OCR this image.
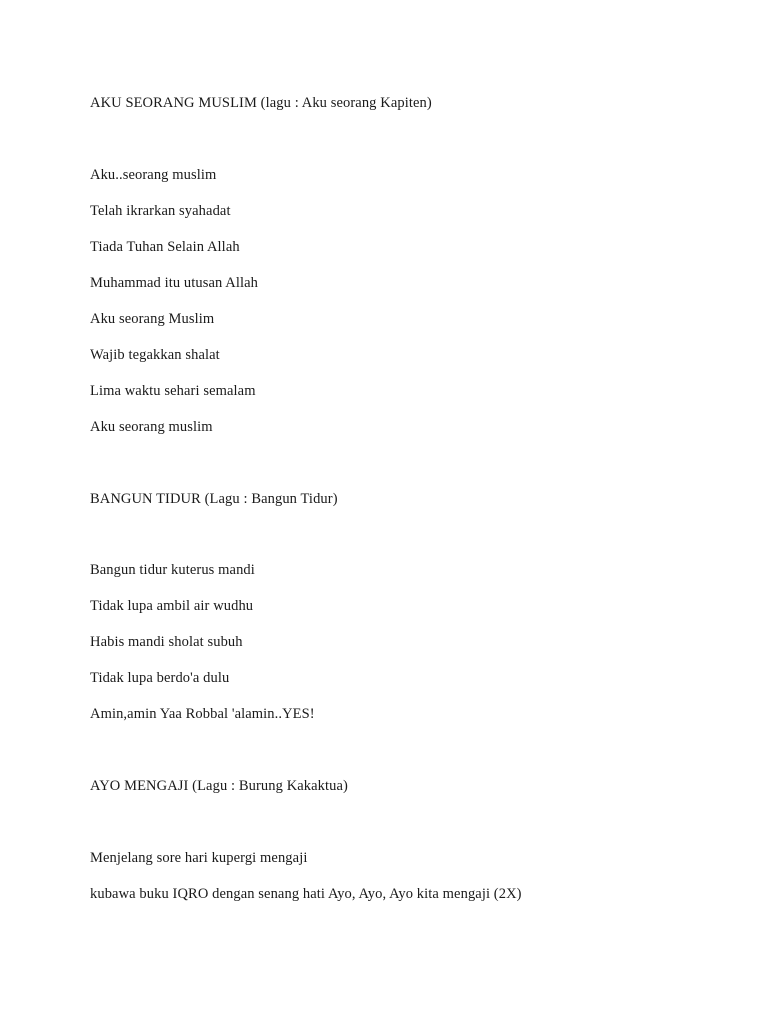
AKU SEORANG MUSLIM (lagu : Aku seorang Kapiten)
Aku..seorang muslim
Telah ikrarkan syahadat
Tiada Tuhan Selain Allah
Muhammad itu utusan Allah
Aku seorang Muslim
Wajib tegakkan shalat
Lima waktu sehari semalam
Aku seorang muslim
BANGUN TIDUR (Lagu : Bangun Tidur)
Bangun tidur kuterus mandi
Tidak lupa ambil air wudhu
Habis mandi sholat subuh
Tidak lupa berdo'a dulu
Amin,amin Yaa Robbal 'alamin..YES!
AYO MENGAJI (Lagu : Burung Kakaktua)
Menjelang sore hari kupergi mengaji
kubawa buku IQRO dengan senang hati Ayo, Ayo, Ayo kita mengaji (2X)
